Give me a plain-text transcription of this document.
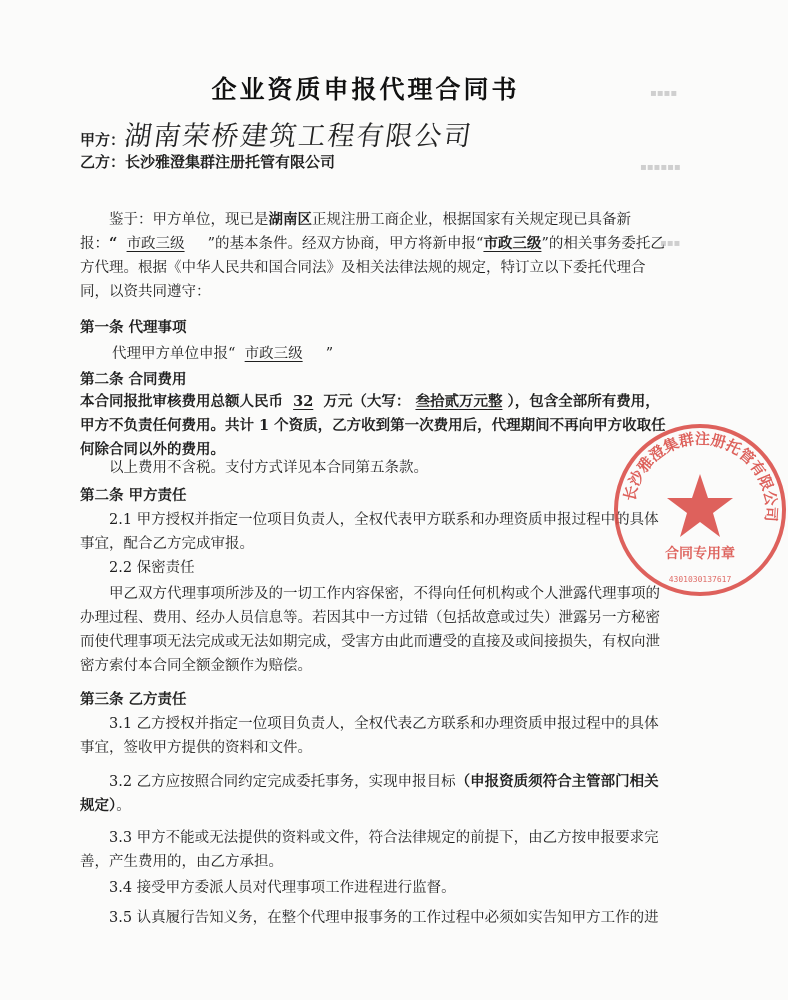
▪▪▪▪
▪▪▪▪▪▪
▪▪▪
企业资质申报代理合同书
甲方：湖南荣桥建筑工程有限公司
乙方：长沙雅澄集群注册托管有限公司
鉴于：甲方单位，现已是湖南区正规注册工商企业，根据国家有关规定现已具备新报：“ 市政三级 ”的基本条件。经双方协商，甲方将新申报“市政三级”的相关事务委托乙方代理。根据《中华人民共和国合同法》及相关法律法规的规定，特订立以下委托代理合同，以资共同遵守：
第一条 代理事项
代理甲方单位申报“ 市政三级 ”
第二条 合同费用
本合同报批审核费用总额人民币 32 万元（大写： 叁拾贰万元整 ），包含全部所有费用，甲方不负责任何费用。共计 1 个资质，乙方收到第一次费用后，代理期间不再向甲方收取任何除合同以外的费用。
以上费用不含税。支付方式详见本合同第五条款。
第二条 甲方责任
2.1 甲方授权并指定一位项目负责人，全权代表甲方联系和办理资质申报过程中的具体事宜，配合乙方完成审报。
2.2 保密责任
甲乙双方代理事项所涉及的一切工作内容保密，不得向任何机构或个人泄露代理事项的办理过程、费用、经办人员信息等。若因其中一方过错（包括故意或过失）泄露另一方秘密而使代理事项无法完成或无法如期完成，受害方由此而遭受的直接及或间接损失，有权向泄密方索付本合同全额金额作为赔偿。
第三条 乙方责任
3.1 乙方授权并指定一位项目负责人，全权代表乙方联系和办理资质申报过程中的具体事宜，签收甲方提供的资料和文件。
3.2 乙方应按照合同约定完成委托事务，实现申报目标（申报资质须符合主管部门相关规定）。
3.3 甲方不能或无法提供的资料或文件，符合法律规定的前提下，由乙方按申报要求完善，产生费用的，由乙方承担。
3.4 接受甲方委派人员对代理事项工作进程进行监督。
3.5 认真履行告知义务，在整个代理申报事务的工作过程中必须如实告知甲方工作的进
长沙雅澄集群注册托管有限公司
合同专用章
4301030137617
